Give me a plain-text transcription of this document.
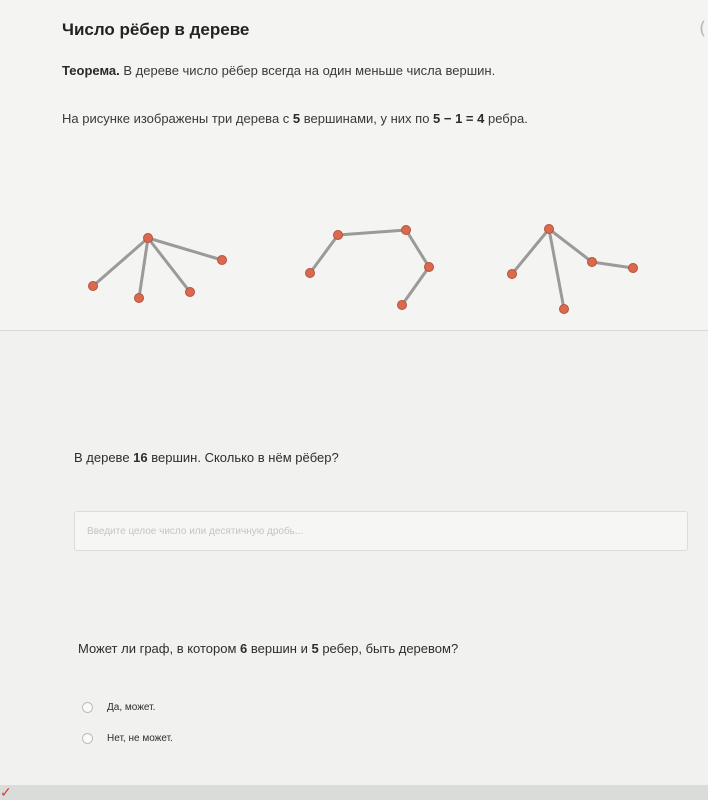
✓
(
Число рёбер в дереве

Теорема. В дереве число рёбер всегда на один меньше числа вершин.

На рисунке изображены три дерева с 5 вершинами, у них по 5 − 1 = 4 ребра.

В дереве 16 вершин. Сколько в нём рёбер?

Введите целое число или десятичную дробь...

Может ли граф, в котором 6 вершин и 5 ребер, быть деревом?

Да, может.
Нет, не может.
